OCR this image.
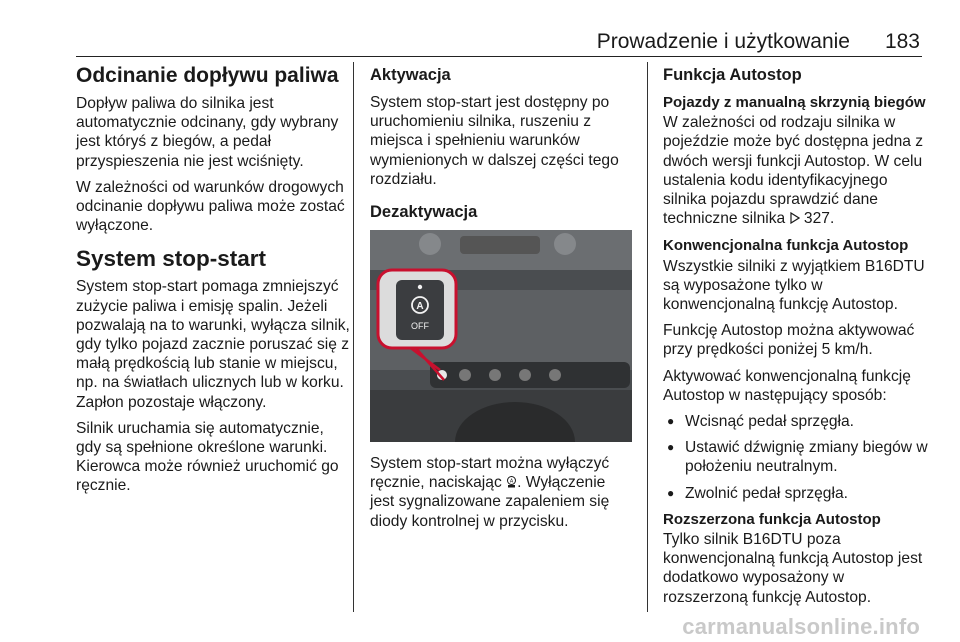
Prowadzenie i użytkowanie 183
Odcinanie dopływu paliwa

Dopływ paliwa do silnika jest automatycznie odcinany, gdy wybrany jest któryś z biegów, a pedał przyspieszenia nie jest wciśnięty.

W zależności od warunków drogowych odcinanie dopływu paliwa może zostać wyłączone.

System stop-start

System stop-start pomaga zmniejszyć zużycie paliwa i emisję spalin. Jeżeli pozwalają na to warunki, wyłącza silnik, gdy tylko pojazd zacznie poruszać się z małą prędkością lub stanie w miejscu, np. na światłach ulicznych lub w korku. Zapłon pozostaje włączony.

Silnik uruchamia się automatycznie, gdy są spełnione określone warunki. Kierowca może również uruchomić go ręcznie.

Aktywacja

System stop-start jest dostępny po uruchomieniu silnika, ruszeniu z miejsca i spełnieniu warunków wymienionych w dalszej części tego rozdziału.

Dezaktywacja
A
OFF

System stop-start można wyłączyć ręcznie, naciskając A . Wyłączenie jest sygnalizowane zapaleniem się diody kontrolnej w przycisku.

Funkcja Autostop
Pojazdy z manualną skrzynią biegów

W zależności od rodzaju silnika w pojeździe może być dostępna jedna z dwóch wersji funkcji Autostop. W celu ustalenia kodu identyfikacyjnego silnika pojazdu sprawdzić dane techniczne silnika  327.

Konwencjonalna funkcja Autostop

Wszystkie silniki z wyjątkiem B16DTU są wyposażone tylko w konwencjonalną funkcję Autostop.

Funkcję Autostop można aktywować przy prędkości poniżej 5 km/h.

Aktywować konwencjonalną funkcję Autostop w następujący sposób:

● Wcisnąć pedał sprzęgła.
● Ustawić dźwignię zmiany biegów w położeniu neutralnym.
● Zwolnić pedał sprzęgła.
Rozszerzona funkcja Autostop

Tylko silnik B16DTU poza konwencjonalną funkcją Autostop jest dodatkowo wyposażony w rozszerzoną funkcję Autostop.

carmanualsonline.info
